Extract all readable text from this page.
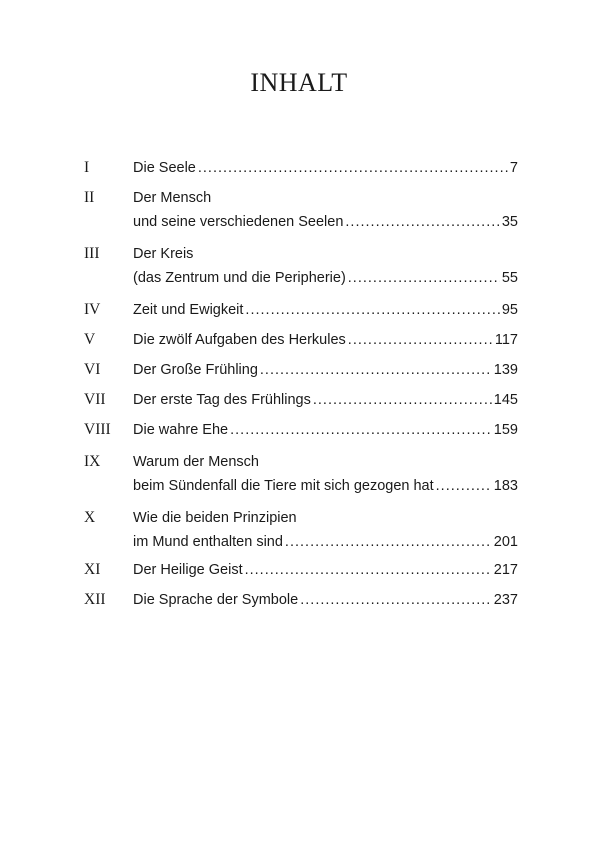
INHALT
I	Die Seele .....	7
II	Der Mensch
und seine verschiedenen Seelen .....	35
III	Der Kreis
(das Zentrum und die Peripherie) .....	55
IV	Zeit und Ewigkeit .....	95
V	Die zwölf Aufgaben des Herkules .....	117
VI	Der Große Frühling .....	139
VII	Der erste Tag des Frühlings .....	145
VIII	Die wahre Ehe .....	159
IX	Warum der Mensch
beim Sündenfall die Tiere mit sich gezogen hat .....	183
X	Wie die beiden Prinzipien
im Mund enthalten sind .....	201
XI	Der Heilige Geist .....	217
XII	Die Sprache der Symbole .....	237
